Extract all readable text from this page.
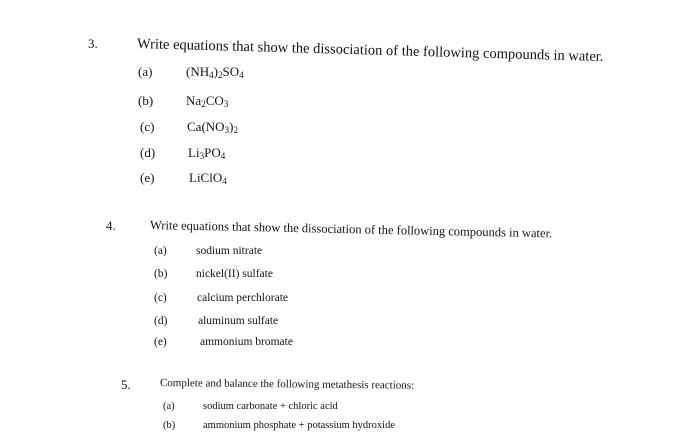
3.	Write equations that show the dissociation of the following compounds in water.
(a)	$(NH_4)_2SO_4$
(b)	$Na_2CO_3$
(c)	$Ca(NO_3)_2$
(d)	$Li_3PO_4$
(e)	LiClO$_4$
4.	Write equations that show the dissociation of the following compounds in water.
(a)	sodium nitrate
(b) nickel(II) sulfate
(c)	calcium perchlorate
(d)	aluminum sulfate
(e)	ammonium bromate
5.	Complete and balance the following metathesis reactions:
(a)	sodium carbonate + chloric acid
(b)	ammonium phosphate + potassium hydroxide
